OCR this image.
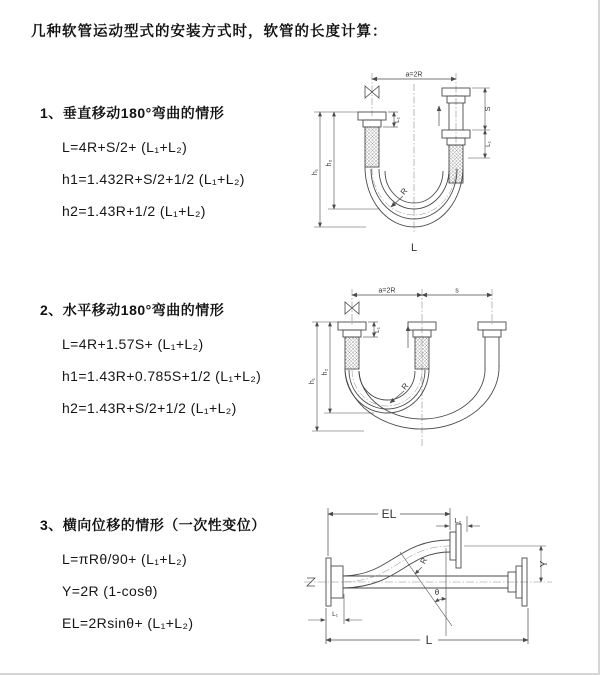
几种软管运动型式的安装方式时，软管的长度计算：
1、垂直移动180°弯曲的情形

L=4R+S/2+ (L₁+L₂)

h1=1.432R+S/2+1/2 (L₁+L₂)

h2=1.43R+1/2 (L₁+L₂)

2、水平移动180°弯曲的情形

L=4R+1.57S+ (L₁+L₂)

h1=1.43R+0.785S+1/2 (L₁+L₂)

h2=1.43R+S/2+1/2 (L₁+L₂)

3、横向位移的情形（一次性变位）

L=πRθ/90+ (L₁+L₂)

Y=2R (1-cosθ)

EL=2Rsinθ+ (L₁+L₂)

a=2R
L₁
S
L₁
h₁
h₂
R
L
a=2R	s
L₁
h₁
h₂
R
EL
L₂
Y
θ
R
L
L₁
